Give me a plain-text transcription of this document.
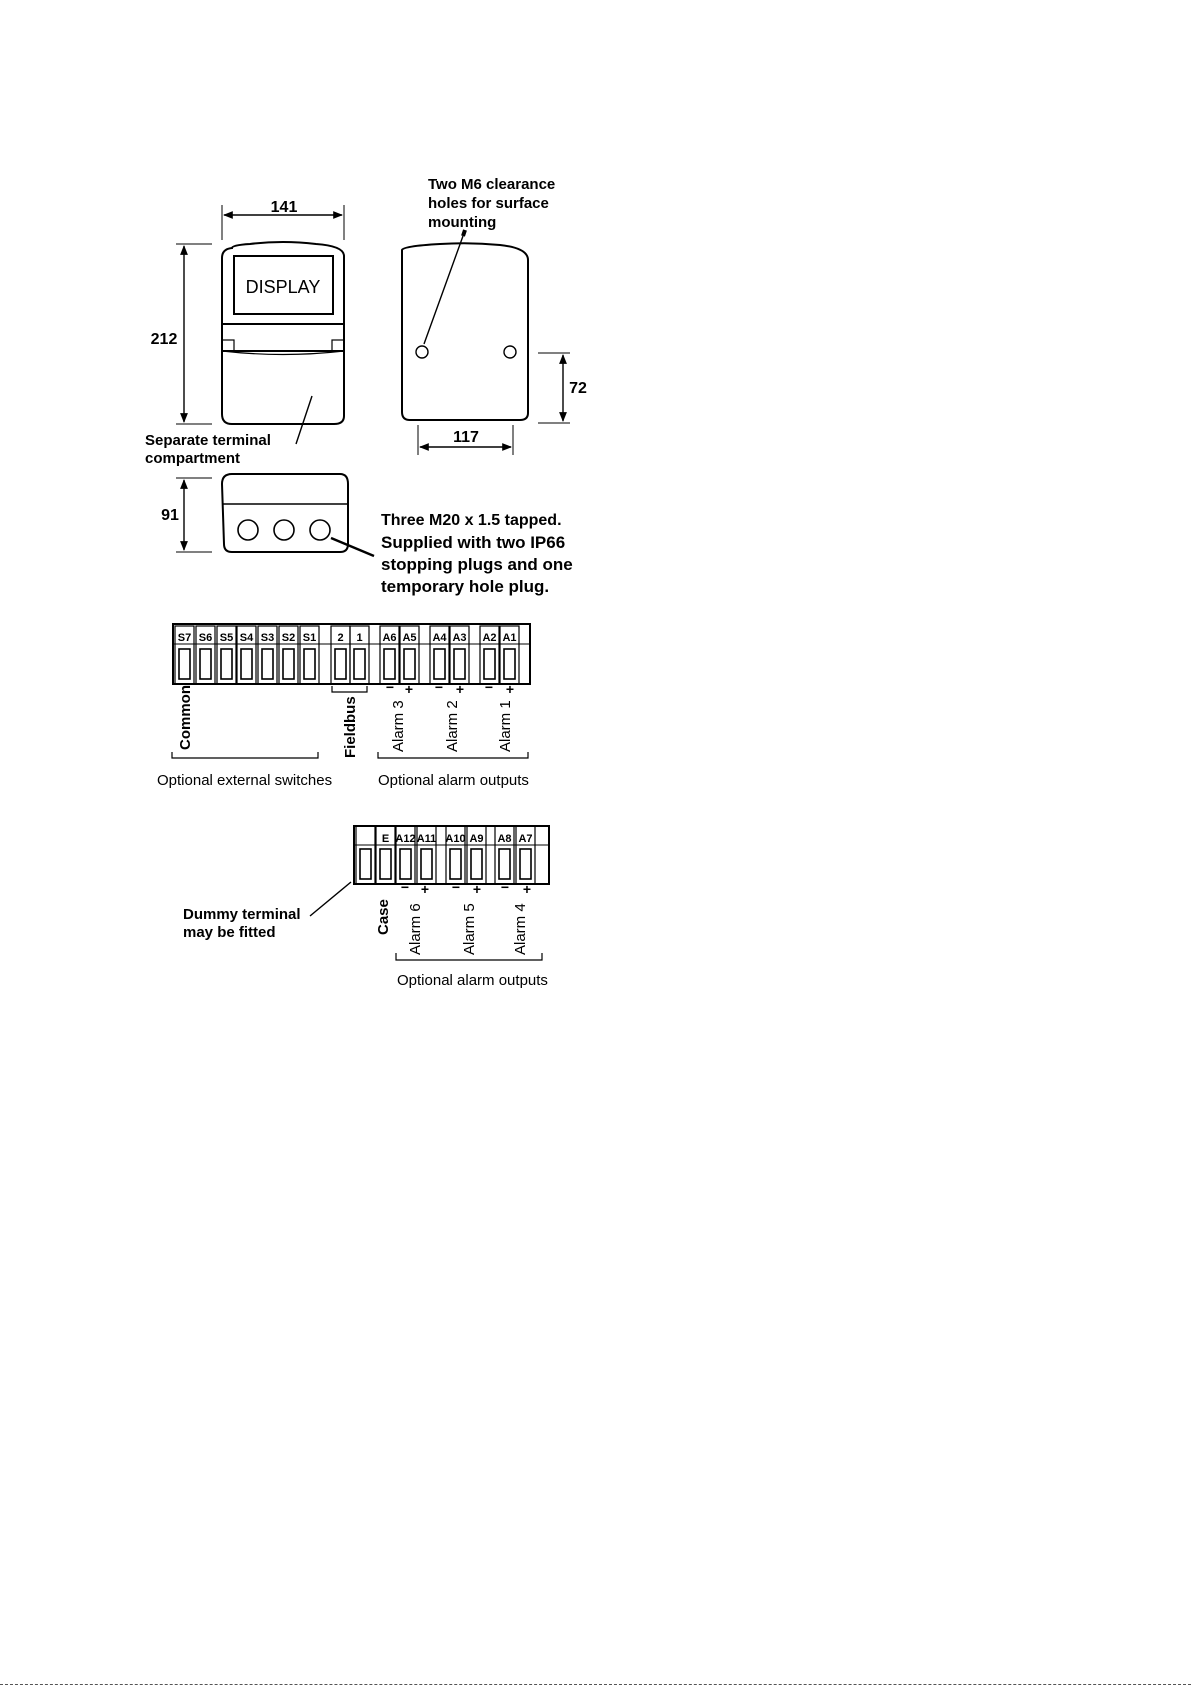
141
212
DISPLAY
Separate terminal
compartment
Two M6 clearance
holes for surface
mounting
117
72
91	Three M20 x 1.5 tapped.
Supplied with two IP66
stopping plugs and one
temporary hole plug.
S7 S6 S5 S4 S3 S2 S1 2 1 A6 A5 A4 A3 A2 A1
− + − + − +
Common	Fieldbus Alarm 3 Alarm 2 Alarm 1
Optional external switches	Optional alarm outputs
E A12 A11 A10 A9 A8 A7
− + − + − +
Case Alarm 6 Alarm 5 Alarm 4
Dummy terminal
may be fitted
Optional alarm outputs
